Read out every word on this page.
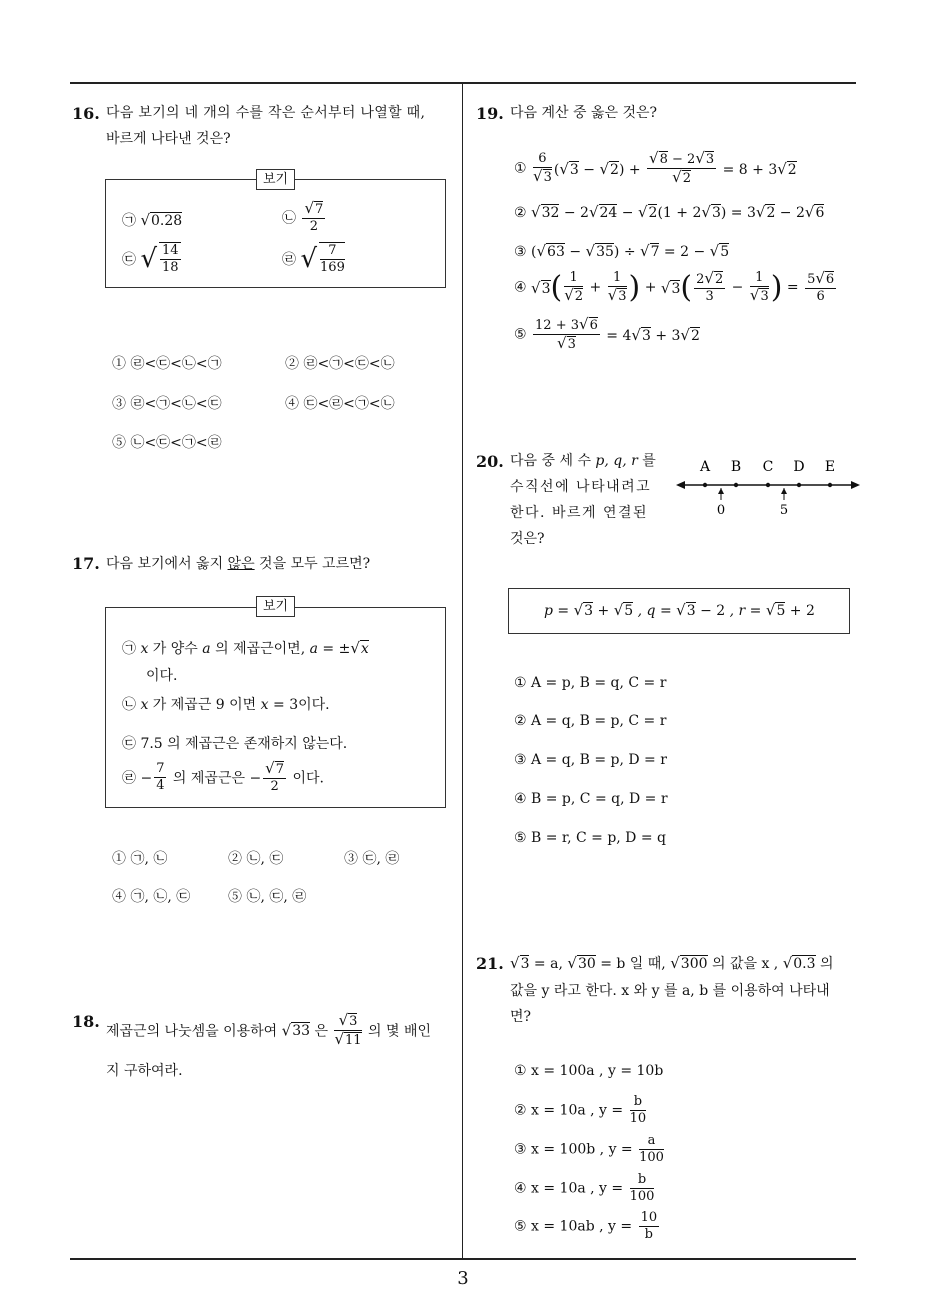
3
16. 다음 보기의 네 개의 수를 작은 순서부터 나열할 때,
바르게 나타낸 것은?
보기
㉠ √0.28	㉡ $\frac{√7}{2}$
㉢ √ $\frac{14}{18}$	㉣ √ $\frac{7}{169}$
① ㉣<㉢<㉡<㉠	② ㉣<㉠<㉢<㉡
③ ㉣<㉠<㉡<㉢	④ ㉢<㉣<㉠<㉡
⑤ ㉡<㉢<㉠<㉣
17. 다음 보기에서 옳지 않은 것을 모두 고르면?
보기
㉠ x 가 양수 a 의 제곱근이면, a = ±√x
이다.
㉡ x 가 제곱근 9 이면 x = 3이다.
㉢ 7.5 의 제곱근은 존재하지 않는다.
㉣ − $\frac{7}{4}$ 의 제곱근은 − $\frac{√7}{2}$ 이다.
① ㉠, ㉡	② ㉡, ㉢	③ ㉢, ㉣
④ ㉠, ㉡, ㉢	⑤ ㉡, ㉢, ㉣
18.
제곱근의 나눗셈을 이용하여 √33 은 $\frac{√3}{√11}$ 의 몇 배인
지 구하여라.
19. 다음 계산 중 옳은 것은?
① $\frac{6}{√3} (√3 - √2) + \frac{√8 - 2√3}{√2} = 8 + 3√2$
② √32 − 2√24 − √2(1 + 2√3) = 3√2 − 2√6
③ (√63 − √35) ÷ √7 = 2 − √5
④ $√3( \frac{1}{√2} + \frac{1}{√3}$ ) + $√3( \frac{2√2}{3} - \frac{1}{√3}$ ) = $\frac{5√6}{6}$
⑤ $\frac{12 + 3√6}{√3} = 4√3 + 3√2$
20. 다음 중 세 수 p, q, r 를
수직선에 나타내려고
한다. 바르게 연결된
것은?
A B C D E
0	5
p = √3 + √5 , q = √3 − 2 , r = √5 + 2
① A = p, B = q, C = r
② A = q, B = p, C = r
③ A = q, B = p, D = r
④ B = p, C = q, D = r
⑤ B = r, C = p, D = q
21. √3 = a, √30 = b 일 때, √300 의 값을 x , √0.3 의
값을 y 라고 한다. x 와 y 를 a, b 를 이용하여 나타내
면?
① x = 100a , y = 10b
② x = 10a , $y = \frac{b}{10}$
③ x = 100b , $y = \frac{a}{100}$
④ x = 10a , $y = \frac{b}{100}$
⑤ x = 10ab , $y = \frac{10}{b}$
